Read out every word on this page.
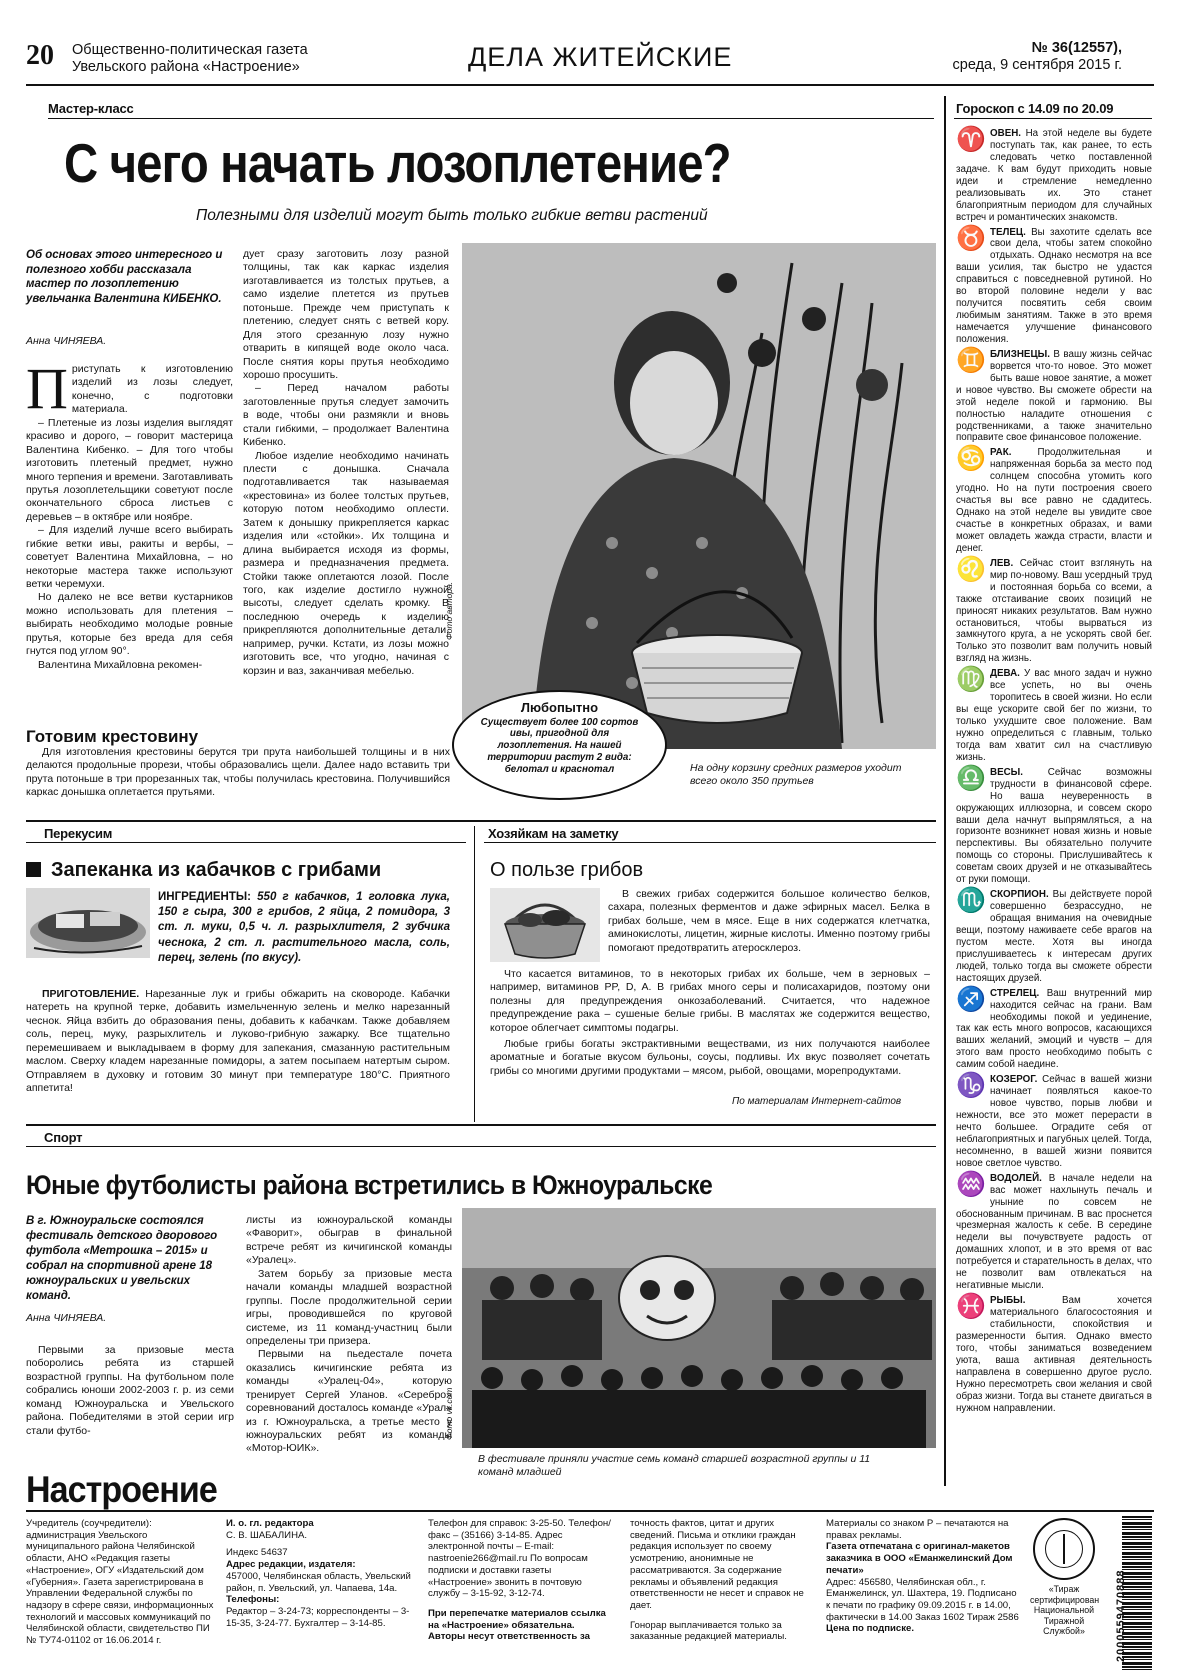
20 Общественно-политическая газета
Увельского района «Настроение»	ДЕЛА ЖИТЕЙСКИЕ	№ 36(12557),
среда, 9 сентября 2015 г.
Мастер-класс
С чего начать лозоплетение?
Полезными для изделий могут быть только гибкие ветви растений
Об основах этого интересного и полезного хобби рассказала мастер по лозоплетению увельчанка Валентина КИБЕНКО.
Анна ЧИНЯЕВА.
П риступать к изготовлению изделий из лозы следует, конечно, с подготовки материала.

– Плетеные из лозы изделия выглядят красиво и дорого, – говорит мастерица Валентина Кибенко. – Для того чтобы изготовить плетеный предмет, нужно много терпения и времени. Заготавливать прутья лозоплетельщики советуют после окончательного сброса листьев с деревьев – в октябре или ноябре.

– Для изделий лучше всего выбирать гибкие ветки ивы, ракиты и вербы, – советует Валентина Михайловна, – но некоторые мастера также используют ветки черемухи.

Но далеко не все ветви кустарников можно использовать для плетения – выбирать необходимо молодые ровные прутья, которые без вреда для себя гнутся под углом 90°.

Валентина Михайловна рекомен-

дует сразу заготовить лозу разной толщины, так как каркас изделия изготавливается из толстых прутьев, а само изделие плетется из прутьев потоньше. Прежде чем приступать к плетению, следует снять с ветвей кору. Для этого срезанную лозу нужно отварить в кипящей воде около часа. После снятия коры прутья необходимо хорошо просушить.

– Перед началом работы заготовленные прутья следует замочить в воде, чтобы они размякли и вновь стали гибкими, – продолжает Валентина Кибенко.

Любое изделие необходимо начинать плести с донышка. Сначала подготавливается так называемая «крестовина» из более толстых прутьев, которую потом необходимо оплести. Затем к донышку прикрепляется каркас изделия или «стойки». Их толщина и длина выбирается исходя из формы, размера и предназначения предмета. Стойки также оплетаются лозой. После того, как изделие достигло нужной высоты, следует сделать кромку. В последнюю очередь к изделию прикрепляются дополнительные детали, например, ручки. Кстати, из лозы можно изготовить все, что угодно, начиная с корзин и ваз, заканчивая мебелью.

Фото автора.
Любопытно
Существует более 100 сортов ивы, пригодной для лозоплетения. На нашей территории растут 2 вида: белотал и краснотал	На одну корзину средних размеров уходит всего около 350 прутьев
Готовим крестовину

Для изготовления крестовины берутся три прута наибольшей толщины и в них делаются продольные прорези, чтобы образовались щели. Далее надо вставить три прута потоньше в три прорезанных так, чтобы получилась крестовина. Получившийся каркас донышка оплетается прутьями.

Гороскоп с 14.09 по 20.09
♈ ОВЕН. На этой неделе вы будете поступать так, как ранее, то есть следовать четко поставленной задаче. К вам будут приходить новые идеи и стремление немедленно реализовывать их. Это станет благоприятным периодом для случайных встреч и романтических знакомств.
♉ ТЕЛЕЦ. Вы захотите сделать все свои дела, чтобы затем спокойно отдыхать. Однако несмотря на все ваши усилия, так быстро не удастся справиться с повседневной рутиной. Но во второй половине недели у вас получится посвятить себя своим любимым занятиям. Также в это время намечается улучшение финансового положения.
♊ БЛИЗНЕЦЫ. В вашу жизнь сейчас ворвется что-то новое. Это может быть ваше новое занятие, а может и новое чувство. Вы сможете обрести на этой неделе покой и гармонию. Вы полностью наладите отношения с родственниками, а также значительно поправите свое финансовое положение.
♋ РАК.	Продолжительная и напряженная борьба за место под солнцем способна утомить кого угодно. Но на пути построения своего счастья вы все равно не сдадитесь. Однако на этой неделе вы увидите свое счастье в конкретных образах, и вами может овладеть жажда страсти, власти и денег.
♌ ЛЕВ. Сейчас стоит взглянуть на мир по-новому. Ваш усердный труд и постоянная борьба со всеми, а также отстаивание своих позиций не приносят никаких результатов. Вам нужно остановиться, чтобы вырваться из замкнутого круга, а не ускорять свой бег. Только это позволит вам получить новый взгляд на жизнь.
♍ ДЕВА. У вас много задач и нужно все успеть, но вы очень торопитесь в своей жизни. Но если вы еще ускорите свой бег по жизни, то только ухудшите свое положение. Вам нужно определиться с главным, только тогда вам хватит сил на счастливую жизнь.
♎ ВЕСЫ.	Сейчас возможны трудности в финансовой сфере. Но ваша неуверенность в окружающих иллюзорна, и совсем скоро ваши дела начнут выпрямляться, а на горизонте возникнет новая жизнь и новые перспективы. Вы обязательно получите помощь со стороны. Прислушивайтесь к советам своих друзей и не отказывайтесь от руки помощи.
♏ СКОРПИОН. Вы действуете порой совершенно безрассудно, не обращая внимания на очевидные вещи, поэтому наживаете себе врагов на пустом месте. Хотя вы иногда прислушиваетесь к интересам других людей, только тогда вы сможете обрести настоящих друзей.
♐ СТРЕЛЕЦ. Ваш внутренний мир находится сейчас на грани. Вам необходимы покой и уединение, так как есть много вопросов, касающихся ваших желаний, эмоций и чувств – для этого вам просто необходимо побыть с самим собой наедине.
♑ КОЗЕРОГ. Сейчас в вашей жизни начинает появляться какое-то новое чувство, порыв любви и нежности, все это может перерасти в нечто большее. Оградите себя от неблагоприятных и пагубных целей. Тогда, несомненно, в вашей жизни появится новое светлое чувство.
♒ ВОДОЛЕЙ. В начале недели на вас может нахлынуть печаль и уныние по совсем не обоснованным причинам. В вас проснется чрезмерная жалость к себе. В середине недели вы почувствуете радость от домашних хлопот, и в это время от вас потребуется и старательность в делах, что не позволит вам отвлекаться на негативные мысли.
♓ РЫБЫ.	Вам хочется материального благосостояния и стабильности, спокойствия и размеренности бытия. Однако вместо того, чтобы заниматься возведением уюта, ваша активная деятельность направлена в совершенно другое русло. Нужно пересмотреть свои желания и свой образ жизни. Тогда вы станете двигаться в нужном направлении.
Перекусим
Запеканка из кабачков с грибами
ИНГРЕДИЕНТЫ: 550 г кабачков, 1 головка лука, 150 г сыра, 300 г грибов, 2 яйца, 2 помидора, 3 ст. л. муки, 0,5 ч. л. разрыхлителя, 2 зубчика чеснока, 2 ст. л. растительного масла, соль, перец, зелень (по вкусу).

ПРИГОТОВЛЕНИЕ. Нарезанные лук и грибы обжарить на сковороде. Кабачки натереть на крупной терке, добавить измельченную зелень и мелко нарезанный чеснок. Яйца взбить до образования пены, добавить к кабачкам. Также добавляем соль, перец, муку, разрыхлитель и луково-грибную зажарку. Все тщательно перемешиваем и выкладываем в форму для запекания, смазанную растительным маслом. Сверху кладем нарезанные помидоры, а затем посыпаем натертым сыром. Отправляем в духовку и готовим 30 минут при температуре 180°С. Приятного аппетита!

Хозяйкам на заметку
О пользе грибов

В свежих грибах содержится большое количество белков, сахара, полезных ферментов и даже эфирных масел. Белка в грибах больше, чем в мясе. Еще в них содержатся клетчатка, аминокислоты, лицетин, жирные кислоты. Именно поэтому грибы помогают предотвратить атеросклероз.

Что касается витаминов, то в некоторых грибах их больше, чем в зерновых – например, витаминов PP, D, A. В грибах много серы и полисахаридов, поэтому они полезны для предупреждения онкозаболеваний. Считается, что надежное предупреждение рака – сушеные белые грибы. В маслятах же содержится вещество, которое облегчает симптомы подагры.

Любые грибы богаты экстрактивными веществами, из них получаются наиболее ароматные и богатые вкусом бульоны, соусы, подливы. Их вкус позволяет сочетать грибы со многими другими продуктами – мясом, рыбой, овощами, морепродуктами.

По материалам Интернет-сайтов
Спорт
Юные футболисты района встретились в Южноуральске
В г. Южноуральске состоялся фестиваль детского дворового футбола «Метрошка – 2015» и собрал на спортивной арене 18 южноуральских и увельских команд.
Анна ЧИНЯЕВА.

Первыми за призовые места поборолись ребята из старшей возрастной группы. На футбольном поле собрались юноши 2002-2003 г. р. из семи команд Южноуральска и Увельского района. Победителями в этой серии игр стали футбо-

листы из южноуральской команды «Фаворит», обыграв в финальной встрече ребят из кичигинской команды «Уралец».

Затем борьбу за призовые места начали команды младшей возрастной группы. После продолжительной серии игры, проводившейся по круговой системе, из 11 команд-участниц были определены три призера.

Первыми на пьедестале почета оказались кичигинские ребята из команды «Уралец-04», которую тренирует Сергей Уланов. «Серебро» соревнований досталось команде «Урал» из г. Южноуральска, а третье место у южноуральских ребят из команды «Мотор-ЮИК».

Фото vk.com
В фестивале приняли участие семь команд старшей возрастной группы и 11 команд младшей
Настроение
Учредитель (соучредители): администрация Увельского муниципального района Челябинской области, АНО «Редакция газеты «Настроение», ОГУ «Издательский дом «Губерния». Газета зарегистрирована в Управлении Федеральной службы по надзору в сфере связи, информационных технологий и массовых коммуникаций по Челябинской области, свидетельство ПИ № ТУ74-01102 от 16.06.2014 г.
И. о. гл. редактора
С. В. ШАБАЛИНА.
Индекс 54637
Адрес редакции, издателя:
457000, Челябинская область, Увельский район, п. Увельский, ул. Чапаева, 14а.
Телефоны:
Редактор – 3-24-73; корреспонденты – 3-15-35, 3-24-77. Бухгалтер – 3-14-85.
Телефон для справок: 3-25-50. Телефон/факс – (35166) 3-14-85. Адрес электронной почты – E-mail: nastroenie266@mail.ru По вопросам подписки и доставки газеты «Настроение» звонить в почтовую службу – 3-15-92, 3-12-74.
При перепечатке материалов ссылка на «Настроение» обязательна. Авторы несут ответственность за
точность фактов, цитат и других сведений. Письма и отклики граждан редакция использует по своему усмотрению, анонимные не рассматриваются. За содержание рекламы и объявлений редакция ответственности не несет и справок не дает.
Гонорар выплачивается только за заказанные редакцией материалы.
Материалы со знаком Р – печатаются на правах рекламы.
Газета отпечатана с оригинал-макетов заказчика в ООО «Еманжелинский Дом печати»
Адрес: 456580, Челябинская обл., г. Еманжелинск, ул. Шахтера, 19. Подписано к печати по графику 09.09.2015 г. в 14.00, фактически в 14.00 Заказ 1602 Тираж 2586
Цена по подписке.
«Тираж сертифицирован Национальной Тиражной Службой»	2000559470888
